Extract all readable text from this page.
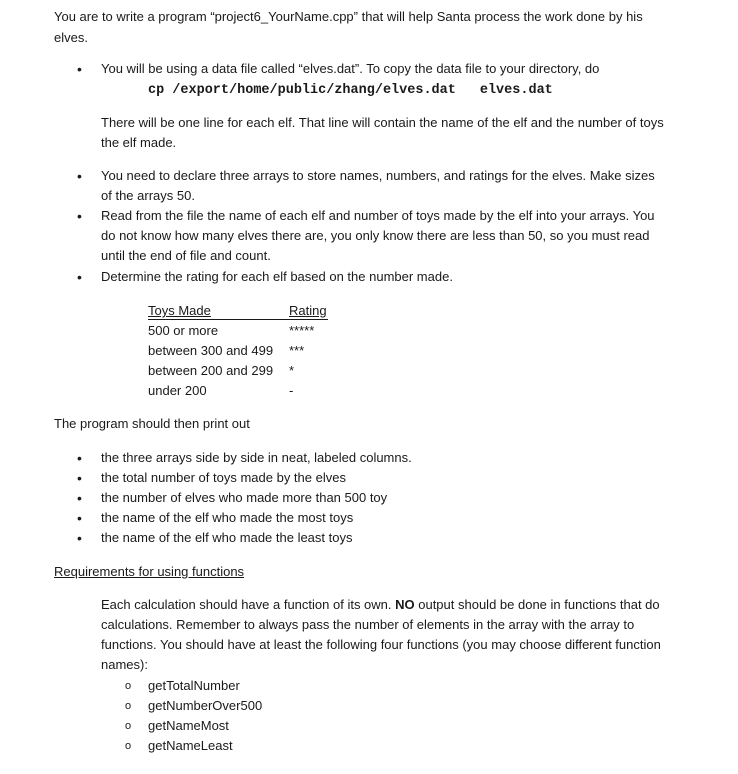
You are to write a program “project6_YourName.cpp” that will help Santa process the work done by his elves.
• You will be using a data file called “elves.dat”. To copy the data file to your directory, do
cp /export/home/public/zhang/elves.dat elves.dat
There will be one line for each elf. That line will contain the name of the elf and the number of toys the elf made.
• You need to declare three arrays to store names, numbers, and ratings for the elves. Make sizes of the arrays 50.
• Read from the file the name of each elf and number of toys made by the elf into your arrays. You do not know how many elves there are, you only know there are less than 50, so you must read until the end of file and count.
• Determine the rating for each elf based on the number made.
Toys Made	Rating
500 or more	*****
between 300 and 499 ***
between 200 and 299 *
under 200	-
The program should then print out
• the three arrays side by side in neat, labeled columns.
• the total number of toys made by the elves
• the number of elves who made more than 500 toy
• the name of the elf who made the most toys
• the name of the elf who made the least toys
Requirements for using functions
Each calculation should have a function of its own. NO output should be done in functions that do calculations. Remember to always pass the number of elements in the array with the array to functions. You should have at least the following four functions (you may choose different function names):
o getTotalNumber
o getNumberOver500
o getNameMost
o getNameLeast
